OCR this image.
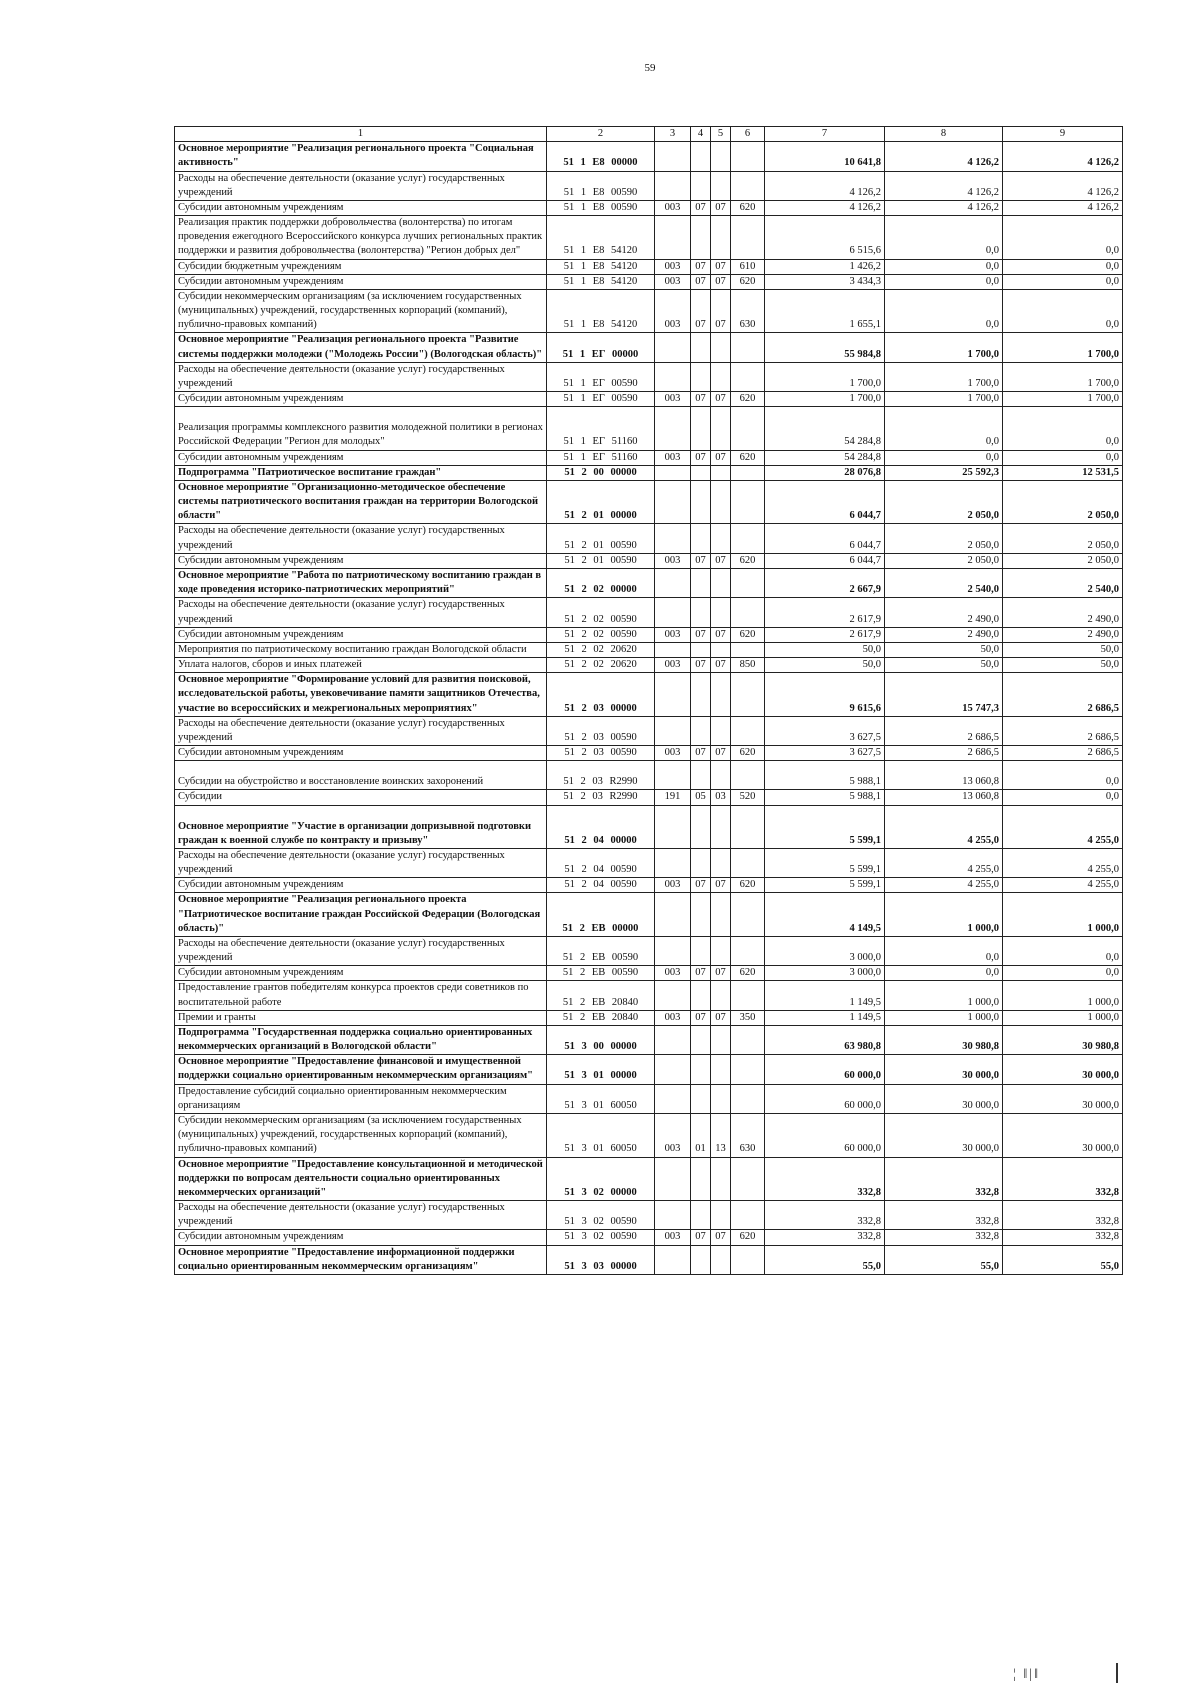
59
1	2	3	4	5	6	7	8	9
Основное мероприятие "Реализация регионального проекта "Социальная активность"	51 1 Е8 00000					10 641,8	4 126,2	4 126,2
Расходы на обеспечение деятельности (оказание услуг) государственных учреждений	51 1 Е8 00590					4 126,2	4 126,2	4 126,2
Субсидии автономным учреждениям	51 1 Е8 00590	003	07	07	620	4 126,2	4 126,2	4 126,2
Реализация практик поддержки добровольчества (волонтерства) по итогам проведения ежегодного Всероссийского конкурса лучших региональных практик поддержки и развития добровольчества (волонтерства) "Регион добрых дел"	51 1 Е8 54120					6 515,6	0,0	0,0
Субсидии бюджетным учреждениям	51 1 Е8 54120	003	07	07	610	1 426,2	0,0	0,0
Субсидии автономным учреждениям	51 1 Е8 54120	003	07	07	620	3 434,3	0,0	0,0
Субсидии некоммерческим организациям (за исключением государственных (муниципальных) учреждений, государственных корпораций (компаний), публично-правовых компаний)	51 1 Е8 54120	003	07	07	630	1 655,1	0,0	0,0
Основное мероприятие "Реализация регионального проекта "Развитие системы поддержки молодежи ("Молодежь России") (Вологодская область)"	51 1 ЕГ 00000					55 984,8	1 700,0	1 700,0
Расходы на обеспечение деятельности (оказание услуг) государственных учреждений	51 1 ЕГ 00590					1 700,0	1 700,0	1 700,0
Субсидии автономным учреждениям	51 1 ЕГ 00590	003	07	07	620	1 700,0	1 700,0	1 700,0
Реализация программы комплексного развития молодежной политики в регионах Российской Федерации "Регион для молодых"	51 1 ЕГ 51160					54 284,8	0,0	0,0
Субсидии автономным учреждениям	51 1 ЕГ 51160	003	07	07	620	54 284,8	0,0	0,0
Подпрограмма "Патриотическое воспитание граждан"	51 2 00 00000					28 076,8	25 592,3	12 531,5
Основное мероприятие "Организационно-методическое обеспечение системы патриотического воспитания граждан на территории Вологодской области"	51 2 01 00000					6 044,7	2 050,0	2 050,0
Расходы на обеспечение деятельности (оказание услуг) государственных учреждений	51 2 01 00590					6 044,7	2 050,0	2 050,0
Субсидии автономным учреждениям	51 2 01 00590	003	07	07	620	6 044,7	2 050,0	2 050,0
Основное мероприятие "Работа по патриотическому воспитанию граждан в ходе проведения историко-патриотических мероприятий"	51 2 02 00000					2 667,9	2 540,0	2 540,0
Расходы на обеспечение деятельности (оказание услуг) государственных учреждений	51 2 02 00590					2 617,9	2 490,0	2 490,0
Субсидии автономным учреждениям	51 2 02 00590	003	07	07	620	2 617,9	2 490,0	2 490,0
Мероприятия по патриотическому воспитанию граждан Вологодской области	51 2 02 20620					50,0	50,0	50,0
Уплата налогов, сборов и иных платежей	51 2 02 20620	003	07	07	850	50,0	50,0	50,0
Основное мероприятие "Формирование условий для развития поисковой, исследовательской работы, увековечивание памяти защитников Отечества, участие во всероссийских и межрегиональных мероприятиях"	51 2 03 00000					9 615,6	15 747,3	2 686,5
Расходы на обеспечение деятельности (оказание услуг) государственных учреждений	51 2 03 00590					3 627,5	2 686,5	2 686,5
Субсидии автономным учреждениям	51 2 03 00590	003	07	07	620	3 627,5	2 686,5	2 686,5
Субсидии на обустройство и восстановление воинских захоронений	51 2 03 R2990					5 988,1	13 060,8	0,0
Субсидии	51 2 03 R2990	191	05	03	520	5 988,1	13 060,8	0,0
Основное мероприятие "Участие в организации допризывной подготовки граждан к военной службе по контракту и призыву"	51 2 04 00000					5 599,1	4 255,0	4 255,0
Расходы на обеспечение деятельности (оказание услуг) государственных учреждений	51 2 04 00590					5 599,1	4 255,0	4 255,0
Субсидии автономным учреждениям	51 2 04 00590	003	07	07	620	5 599,1	4 255,0	4 255,0
Основное мероприятие "Реализация регионального проекта "Патриотическое воспитание граждан Российской Федерации (Вологодская область)"	51 2 ЕВ 00000					4 149,5	1 000,0	1 000,0
Расходы на обеспечение деятельности (оказание услуг) государственных учреждений	51 2 ЕВ 00590					3 000,0	0,0	0,0
Субсидии автономным учреждениям	51 2 ЕВ 00590	003	07	07	620	3 000,0	0,0	0,0
Предоставление грантов победителям конкурса проектов среди советников по воспитательной работе	51 2 ЕВ 20840					1 149,5	1 000,0	1 000,0
Премии и гранты	51 2 ЕВ 20840	003	07	07	350	1 149,5	1 000,0	1 000,0
Подпрограмма "Государственная поддержка социально ориентированных некоммерческих организаций в Вологодской области"	51 3 00 00000					63 980,8	30 980,8	30 980,8
Основное мероприятие "Предоставление финансовой и имущественной поддержки социально ориентированным некоммерческим организациям"	51 3 01 00000					60 000,0	30 000,0	30 000,0
Предоставление субсидий социально ориентированным некоммерческим организациям	51 3 01 60050					60 000,0	30 000,0	30 000,0
Субсидии некоммерческим организациям (за исключением государственных (муниципальных) учреждений, государственных корпораций (компаний), публично-правовых компаний)	51 3 01 60050	003	01	13	630	60 000,0	30 000,0	30 000,0
Основное мероприятие "Предоставление консультационной и методической поддержки по вопросам деятельности социально ориентированных некоммерческих организаций"	51 3 02 00000					332,8	332,8	332,8
Расходы на обеспечение деятельности (оказание услуг) государственных учреждений	51 3 02 00590					332,8	332,8	332,8
Субсидии автономным учреждениям	51 3 02 00590	003	07	07	620	332,8	332,8	332,8
Основное мероприятие "Предоставление информационной поддержки социально ориентированным некоммерческим организациям"	51 3 03 00000					55,0	55,0	55,0
¦ ‖|‖
